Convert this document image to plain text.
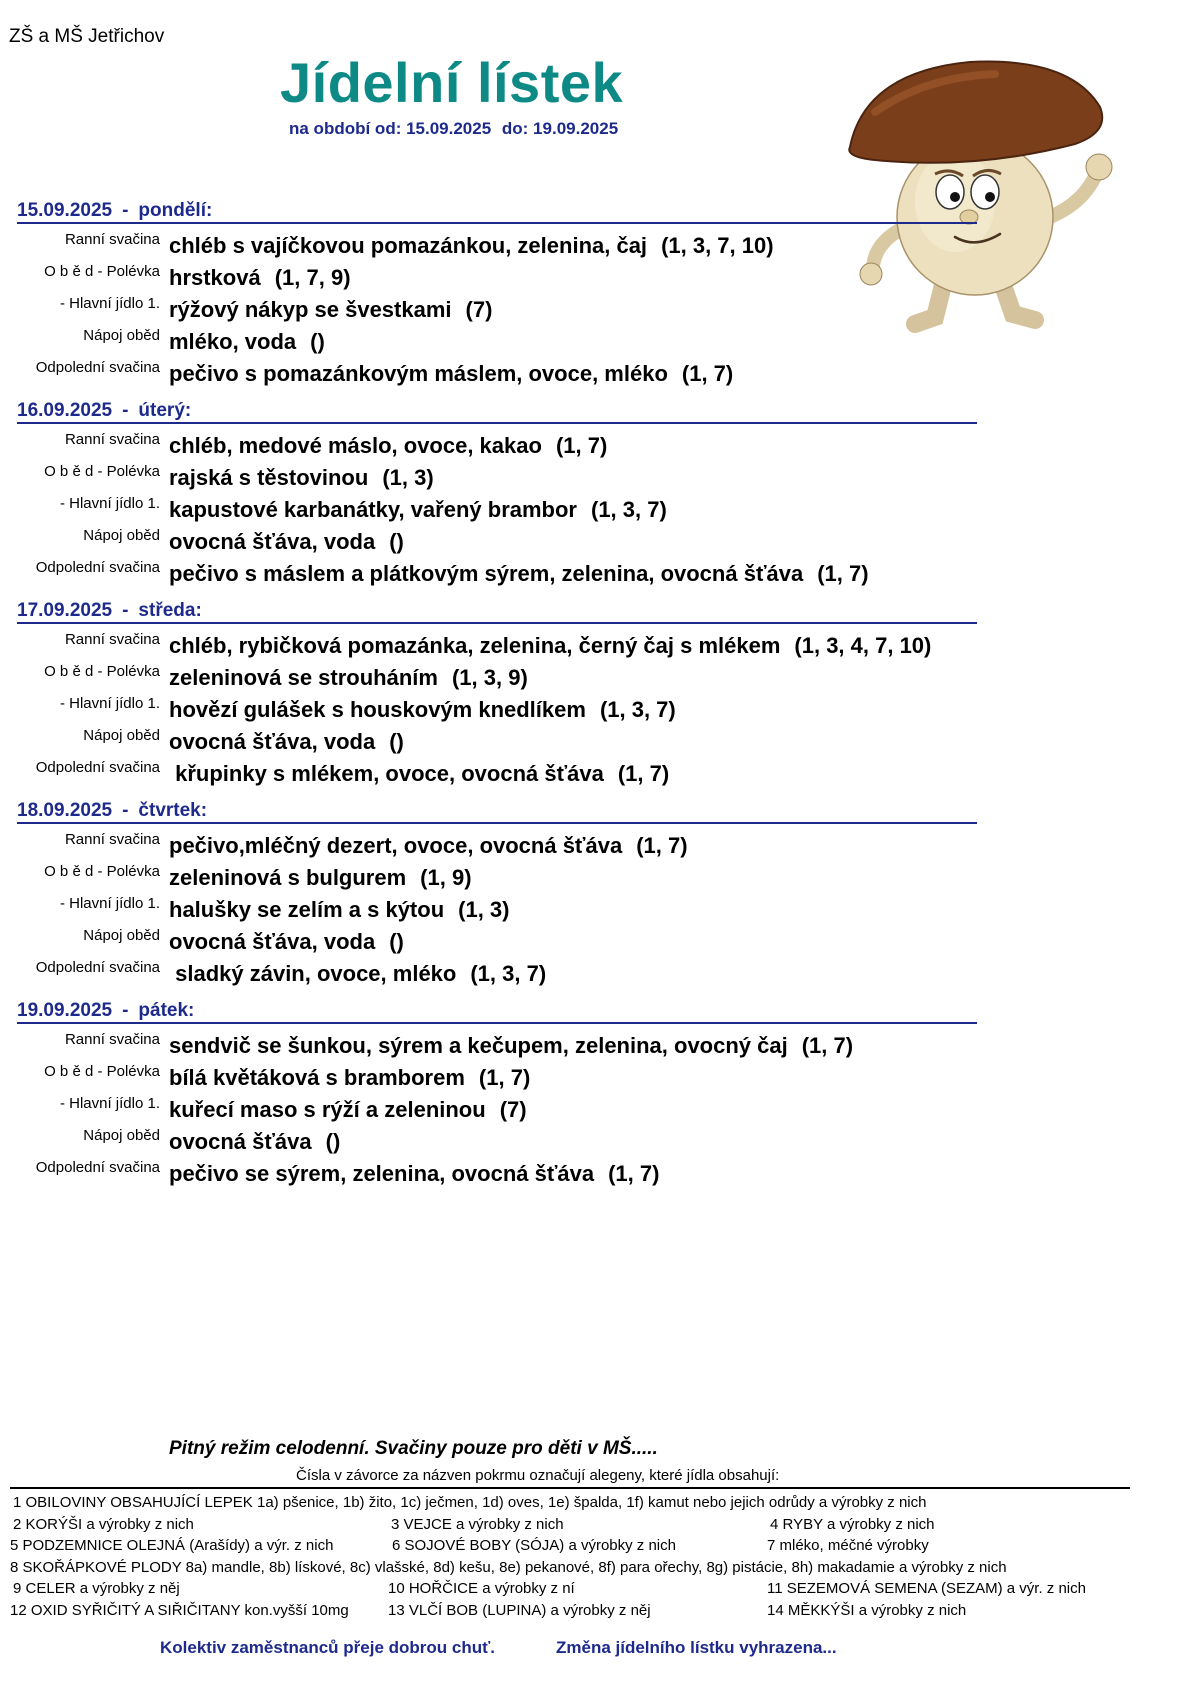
ZŠ a MŠ Jetřichov
Jídelní lístek
na období od: 15.09.2025 do: 19.09.2025
15.09.2025 - pondělí:
Ranní svačina chléb s vajíčkovou pomazánkou, zelenina, čaj (1, 3, 7, 10)
O b ě d - Polévka hrstková (1, 7, 9)
- Hlavní jídlo 1. rýžový nákyp se švestkami (7)
Nápoj oběd mléko, voda ()
Odpolední svačina pečivo s pomazánkovým máslem, ovoce, mléko (1, 7)
16.09.2025 - úterý:
Ranní svačina chléb, medové máslo, ovoce, kakao (1, 7)
O b ě d - Polévka rajská s těstovinou (1, 3)
- Hlavní jídlo 1. kapustové karbanátky, vařený brambor (1, 3, 7)
Nápoj oběd ovocná šťáva, voda ()
Odpolední svačina pečivo s máslem a plátkovým sýrem, zelenina, ovocná šťáva (1, 7)
17.09.2025 - středa:
Ranní svačina chléb, rybičková pomazánka, zelenina, černý čaj s mlékem (1, 3, 4, 7, 10)
O b ě d - Polévka zeleninová se strouháním (1, 3, 9)
- Hlavní jídlo 1. hovězí gulášek s houskovým knedlíkem (1, 3, 7)
Nápoj oběd ovocná šťáva, voda ()
Odpolední svačina křupinky s mlékem, ovoce, ovocná šťáva (1, 7)
18.09.2025 - čtvrtek:
Ranní svačina pečivo,mléčný dezert, ovoce, ovocná šťáva (1, 7)
O b ě d - Polévka zeleninová s bulgurem (1, 9)
- Hlavní jídlo 1. halušky se zelím a s kýtou (1, 3)
Nápoj oběd ovocná šťáva, voda ()
Odpolední svačina sladký závin, ovoce, mléko (1, 3, 7)
19.09.2025 - pátek:
Ranní svačina sendvič se šunkou, sýrem a kečupem, zelenina, ovocný čaj (1, 7)
O b ě d - Polévka bílá květáková s bramborem (1, 7)
- Hlavní jídlo 1. kuřecí maso s rýží a zeleninou (7)
Nápoj oběd ovocná šťáva ()
Odpolední svačina pečivo se sýrem, zelenina, ovocná šťáva (1, 7)
Pitný režim celodenní. Svačiny pouze pro děti v MŠ.....
Čísla v závorce za názven pokrmu označují alegeny, které jídla obsahují:
1 OBILOVINY OBSAHUJÍCÍ LEPEK 1a) pšenice, 1b) žito, 1c) ječmen, 1d) oves, 1e) špalda, 1f) kamut nebo jejich odrůdy a výrobky z nich
2 KORÝŠI a výrobky z nich	3 VEJCE a výrobky z nich	4 RYBY a výrobky z nich
5 PODZEMNICE OLEJNÁ (Arašídy) a výr. z nich	6 SOJOVÉ BOBY (SÓJA) a výrobky z nich	7 mléko, méčné výrobky
8 SKOŘÁPKOVÉ PLODY 8a) mandle, 8b) lískové, 8c) vlašské, 8d) kešu, 8e) pekanové, 8f) para ořechy, 8g) pistácie, 8h) makadamie a výrobky z nich
9 CELER a výrobky z něj	10 HOŘČICE a výrobky z ní	11 SEZEMOVÁ SEMENA (SEZAM) a výr. z nich
12 OXID SYŘIČITÝ A SIŘIČITANY kon.vyšší 10mg	13 VLČÍ BOB (LUPINA) a výrobky z něj	14 MĚKKÝŠI a výrobky z nich
Kolektiv zaměstnanců přeje dobrou chuť.	Změna jídelního lístku vyhrazena...
